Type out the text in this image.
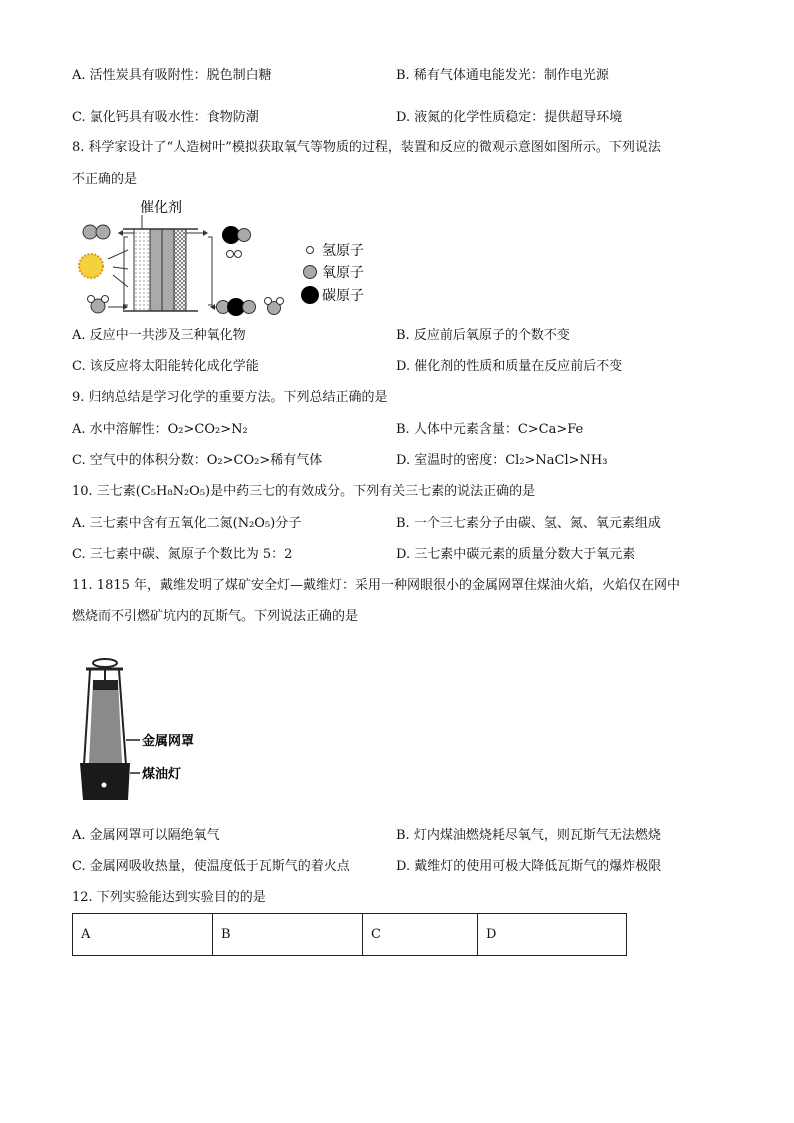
A. 活性炭具有吸附性：脱色制白糖	B. 稀有气体通电能发光：制作电光源
C. 氯化钙具有吸水性：食物防潮	D. 液氮的化学性质稳定：提供超导环境
8. 科学家设计了“人造树叶”模拟获取氧气等物质的过程，装置和反应的微观示意图如图所示。下列说法
不正确的是
催化剂
氢原子
氧原子
碳原子
A. 反应中一共涉及三种氧化物	B. 反应前后氧原子的个数不变
C. 该反应将太阳能转化成化学能	D. 催化剂的性质和质量在反应前后不变
9. 归纳总结是学习化学的重要方法。下列总结正确的是
A. 水中溶解性：O₂>CO₂>N₂	B. 人体中元素含量：C>Ca>Fe
C. 空气中的体积分数：O₂>CO₂>稀有气体	D. 室温时的密度：Cl₂>NaCl>NH₃
10. 三七素(C₅H₈N₂O₅)是中药三七的有效成分。下列有关三七素的说法正确的是
A. 三七素中含有五氧化二氮(N₂O₅)分子	B. 一个三七素分子由碳、氢、氮、氧元素组成
C. 三七素中碳、氮原子个数比为 5：2	D. 三七素中碳元素的质量分数大于氧元素
11. 1815 年，戴维发明了煤矿安全灯—戴维灯：采用一种网眼很小的金属网罩住煤油火焰，火焰仅在网中
燃烧而不引燃矿坑内的瓦斯气。下列说法正确的是
金属网罩
煤油灯
A. 金属网罩可以隔绝氧气	B. 灯内煤油燃烧耗尽氧气，则瓦斯气无法燃烧
C. 金属网吸收热量，使温度低于瓦斯气的着火点	D. 戴维灯的使用可极大降低瓦斯气的爆炸极限
12. 下列实验能达到实验目的的是
A	B	C	D
